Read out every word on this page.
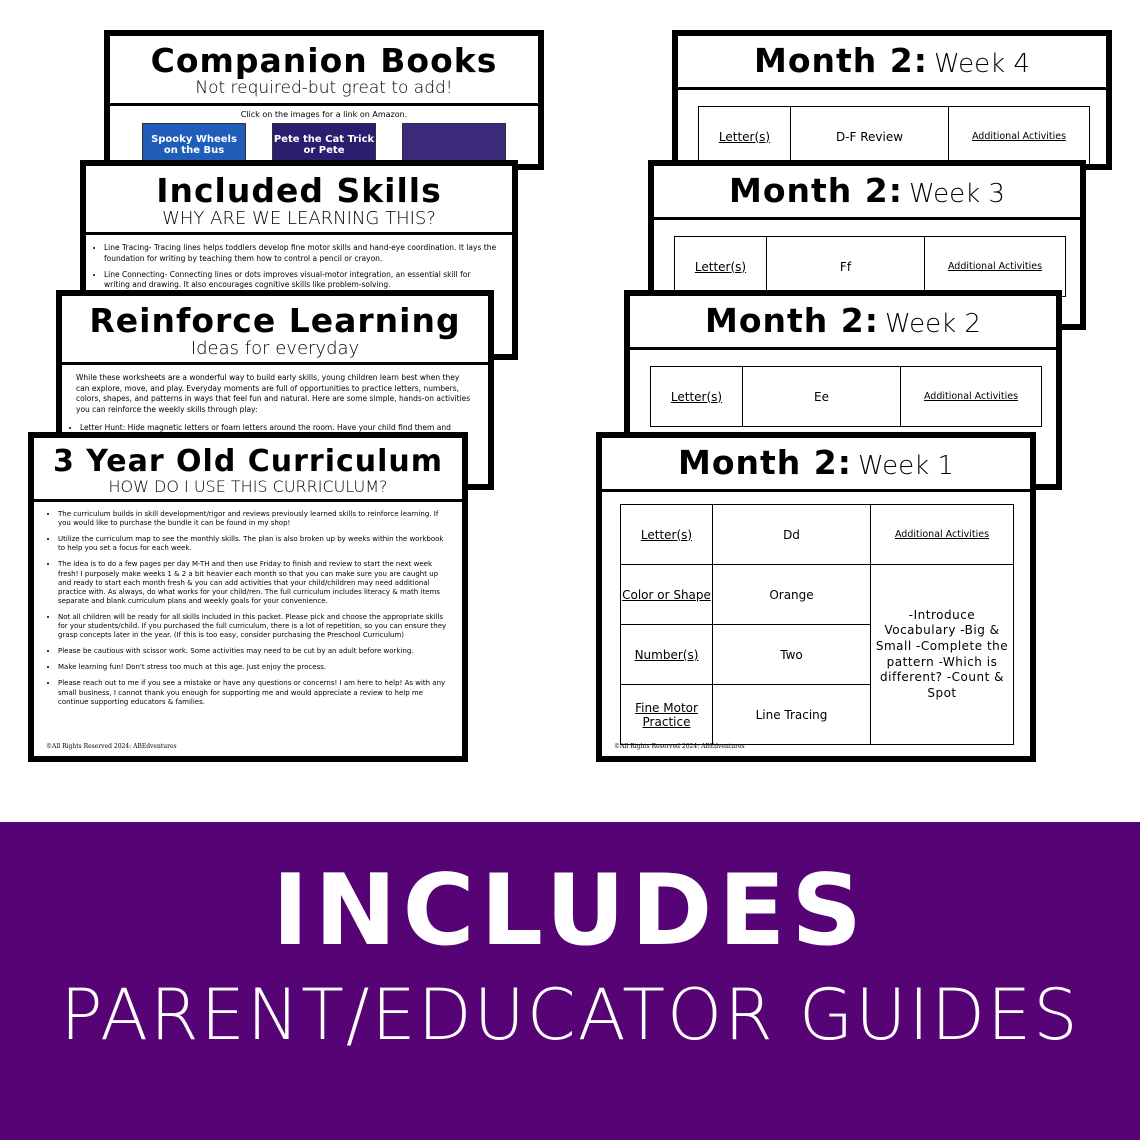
Companion Books
Not required-but great to add!
Click on the images for a link on Amazon.
Spooky Wheels on the Bus
Pete the Cat Trick or Pete
Included Skills
WHY ARE WE LEARNING THIS?
• Line Tracing- Tracing lines helps toddlers develop fine motor skills and hand-eye coordination. It lays the foundation for writing by teaching them how to control a pencil or crayon.
• Line Connecting- Connecting lines or dots improves visual-motor integration, an essential skill for writing and drawing. It also encourages cognitive skills like problem-solving.
Reinforce Learning
Ideas for everyday
While these worksheets are a wonderful way to build early skills, young children learn best when they can explore, move, and play. Everyday moments are full of opportunities to practice letters, numbers, colors, shapes, and patterns in ways that feel fun and natural. Here are some simple, hands-on activities you can reinforce the weekly skills through play:
• Letter Hunt: Hide magnetic letters or foam letters around the room. Have your child find them and
3 Year Old Curriculum
HOW DO I USE THIS CURRICULUM?
• The curriculum builds in skill development/rigor and reviews previously learned skills to reinforce learning. If you would like to purchase the bundle it can be found in my shop!
• Utilize the curriculum map to see the monthly skills. The plan is also broken up by weeks within the workbook to help you set a focus for each week.
• The idea is to do a few pages per day M-TH and then use Friday to finish and review to start the next week fresh! I purposely make weeks 1 & 2 a bit heavier each month so that you can make sure you are caught up and ready to start each month fresh & you can add activities that your child/children may need additional practice with. As always, do what works for your child/ren. The full curriculum includes literacy & math items separate and blank curriculum plans and weekly goals for your convenience.
• Not all children will be ready for all skills included in this packet. Please pick and choose the appropriate skills for your students/child. If you purchased the full curriculum, there is a lot of repetition, so you can ensure they grasp concepts later in the year. (If this is too easy, consider purchasing the Preschool Curriculum)
• Please be cautious with scissor work. Some activities may need to be cut by an adult before working.
• Make learning fun! Don't stress too much at this age. Just enjoy the process.
• Please reach out to me if you see a mistake or have any questions or concerns! I am here to help! As with any small business, I cannot thank you enough for supporting me and would appreciate a review to help me continue supporting educators & families.
©All Rights Reserved 2024: ABEdventures
Month 2: Week 4
Letter(s)	D-F Review	Additional Activities
Month 2: Week 3
Letter(s)	Ff	Additional Activities
Month 2: Week 2
Letter(s)	Ee	Additional Activities
Month 2: Week 1
Letter(s)	Dd	Additional Activities
Color or Shape	Orange	-Introduce Vocabulary -Big & Small -Complete the pattern -Which is different? -Count & Spot
Number(s)	Two	
Fine Motor Practice	Line Tracing	
©All Rights Reserved 2024: ABEdventures
INCLUDES
PARENT/EDUCATOR GUIDES
